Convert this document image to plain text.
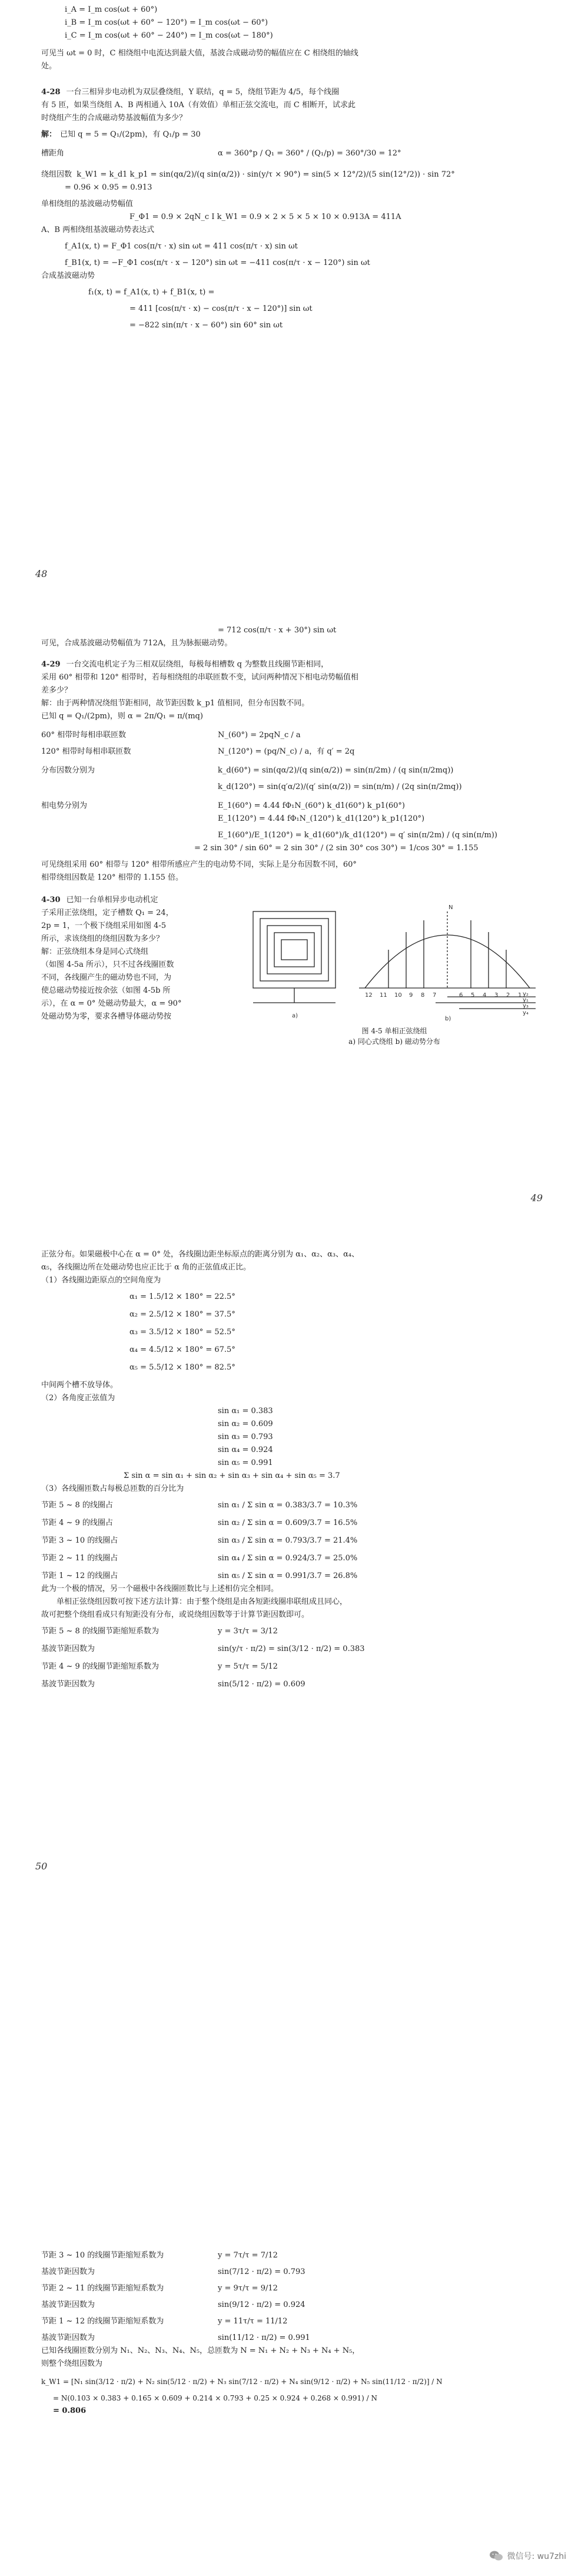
i_A = I_m cos(ωt + 60°)

i_B = I_m cos(ωt + 60° − 120°) = I_m cos(ωt − 60°)

i_C = I_m cos(ωt + 60° − 240°) = I_m cos(ωt − 180°)

可见当 ωt = 0 时，C 相绕组中电流达到最大值，基波合成磁动势的幅值应在 C 相绕组的轴线

处。

4-28 一台三相异步电动机为双层叠绕组，Y 联结，q = 5，绕组节距为 4/5，每个线圈

有 5 匝，如果当绕组 A、B 两相通入 10A（有效值）单相正弦交流电，而 C 相断开，试求此

时绕组产生的合成磁动势基波幅值为多少？

解： 已知 q = 5 = Q₁/(2pm)，有 Q₁/p = 30

槽距角	α = 360°p / Q₁ = 360° / (Q₁/p) = 360°/30 = 12°

绕组因数 k_W1 = k_d1 k_p1 = sin(qα/2)/(q sin(α/2)) · sin(y/τ × 90°) = sin(5 × 12°/2)/(5 sin(12°/2)) · sin 72°

= 0.96 × 0.95 = 0.913

单相绕组的基波磁动势幅值

F_Φ1 = 0.9 × 2qN_c I k_W1 = 0.9 × 2 × 5 × 5 × 10 × 0.913A = 411A

A、B 两相绕组基波磁动势表达式

f_A1(x, t) = F_Φ1 cos(π/τ · x) sin ωt = 411 cos(π/τ · x) sin ωt

f_B1(x, t) = −F_Φ1 cos(π/τ · x − 120°) sin ωt = −411 cos(π/τ · x − 120°) sin ωt

合成基波磁动势

f₁(x, t) = f_A1(x, t) + f_B1(x, t) =

= 411 [cos(π/τ · x) − cos(π/τ · x − 120°)] sin ωt

= −822 sin(π/τ · x − 60°) sin 60° sin ωt

48

= 712 cos(π/τ · x + 30°) sin ωt

可见，合成基波磁动势幅值为 712A，且为脉振磁动势。

4-29 一台交流电机定子为三相双层绕组，每极每相槽数 q 为整数且线圈节距相同，

采用 60° 相带和 120° 相带时，若每相绕组的串联匝数不变，试问两种情况下相电动势幅值相

差多少？

解：由于两种情况绕组节距相同，故节距因数 k_p1 值相同，但分布因数不同。

已知 q = Q₁/(2pm)，则 α = 2π/Q₁ = π/(mq)

60° 相带时每相串联匝数	N_(60°) = 2pqN_c / a

120° 相带时每相串联匝数	N_(120°) = (pq/N_c) / a，有 q′ = 2q

分布因数分别为	k_d(60°) = sin(qα/2)/(q sin(α/2)) = sin(π/2m) / (q sin(π/2mq))

k_d(120°) = sin(q′α/2)/(q′ sin(α/2)) = sin(π/m) / (2q sin(π/2mq))

相电势分别为	E_1(60°) = 4.44 fΦ₁N_(60°) k_d1(60°) k_p1(60°)

E_1(120°) = 4.44 fΦ₁N_(120°) k_d1(120°) k_p1(120°)

E_1(60°)/E_1(120°) = k_d1(60°)/k_d1(120°) = q′ sin(π/2m) / (q sin(π/m))

= 2 sin 30° / sin 60° = 2 sin 30° / (2 sin 30° cos 30°) = 1/cos 30° = 1.155

可见绕组采用 60° 相带与 120° 相带所感应产生的电动势不同，实际上是分布因数不同，60°

相带绕组因数是 120° 相带的 1.155 倍。

4-30 已知一台单相异步电动机定

子采用正弦绕组，定子槽数 Q₁ = 24，

2p = 1，一个极下绕组采用如图 4-5

所示，求该绕组的绕组因数为多少？

解：正弦绕组本身是同心式绕组

（如图 4-5a 所示），只不过各线圈匝数

不同，各线圈产生的磁动势也不同，为

使总磁动势接近按余弦（如图 4-5b 所

示），在 α = 0° 处磁动势最大，α = 90°

处磁动势为零，要求各槽导体磁动势按

12 11 10 9 8 7	6 5 4 3 2 1
N
y₁
y₂
y₃
y₄
a)	b)

图 4-5 单相正弦绕组

a) 同心式绕组 b) 磁动势分布

49

正弦分布。如果磁极中心在 α = 0° 处，各线圈边距坐标原点的距离分别为 α₁、α₂、α₃、α₄、

α₅，各线圈边所在处磁动势也应正比于 α 角的正弦值成正比。

（1）各线圈边距原点的空间角度为

α₁ = 1.5/12 × 180° = 22.5°

α₂ = 2.5/12 × 180° = 37.5°

α₃ = 3.5/12 × 180° = 52.5°

α₄ = 4.5/12 × 180° = 67.5°

α₅ = 5.5/12 × 180° = 82.5°

中间两个槽不放导体。

（2）各角度正弦值为

sin α₁ = 0.383

sin α₂ = 0.609

sin α₃ = 0.793

sin α₄ = 0.924

sin α₅ = 0.991

Σ sin α = sin α₁ + sin α₂ + sin α₃ + sin α₄ + sin α₅ = 3.7

（3）各线圈匝数占每极总匝数的百分比为

节距 5 ~ 8 的线圈占	sin α₁ / Σ sin α = 0.383/3.7 = 10.3%

节距 4 ~ 9 的线圈占	sin α₂ / Σ sin α = 0.609/3.7 = 16.5%

节距 3 ~ 10 的线圈占	sin α₃ / Σ sin α = 0.793/3.7 = 21.4%

节距 2 ~ 11 的线圈占	sin α₄ / Σ sin α = 0.924/3.7 = 25.0%

节距 1 ~ 12 的线圈占	sin α₅ / Σ sin α = 0.991/3.7 = 26.8%

此为一个极的情况，另一个磁极中各线圈匝数比与上述相仿完全相同。

单相正弦绕组因数可按下述方法计算：由于整个绕组是由各短距线圈串联组成且同心，

故可把整个绕组看成只有短距没有分布，或说绕组因数等于计算节距因数即可。

节距 5 ~ 8 的线圈节距缩短系数为	y = 3τ/τ = 3/12

基波节距因数为	sin(y/τ · π/2) = sin(3/12 · π/2) = 0.383

节距 4 ~ 9 的线圈节距缩短系数为	y = 5τ/τ = 5/12

基波节距因数为	sin(5/12 · π/2) = 0.609

50

节距 3 ~ 10 的线圈节距缩短系数为	y = 7τ/τ = 7/12

基波节距因数为	sin(7/12 · π/2) = 0.793

节距 2 ~ 11 的线圈节距缩短系数为	y = 9τ/τ = 9/12

基波节距因数为	sin(9/12 · π/2) = 0.924

节距 1 ~ 12 的线圈节距缩短系数为	y = 11τ/τ = 11/12

基波节距因数为	sin(11/12 · π/2) = 0.991

已知各线圈匝数分别为 N₁、N₂、N₃、N₄、N₅，总匝数为 N = N₁ + N₂ + N₃ + N₄ + N₅，

则整个绕组因数为

k_W1 = [N₁ sin(3/12 · π/2) + N₂ sin(5/12 · π/2) + N₃ sin(7/12 · π/2) + N₄ sin(9/12 · π/2) + N₅ sin(11/12 · π/2)] / N

= N(0.103 × 0.383 + 0.165 × 0.609 + 0.214 × 0.793 + 0.25 × 0.924 + 0.268 × 0.991) / N

= 0.806

微信号: wu7zhi
